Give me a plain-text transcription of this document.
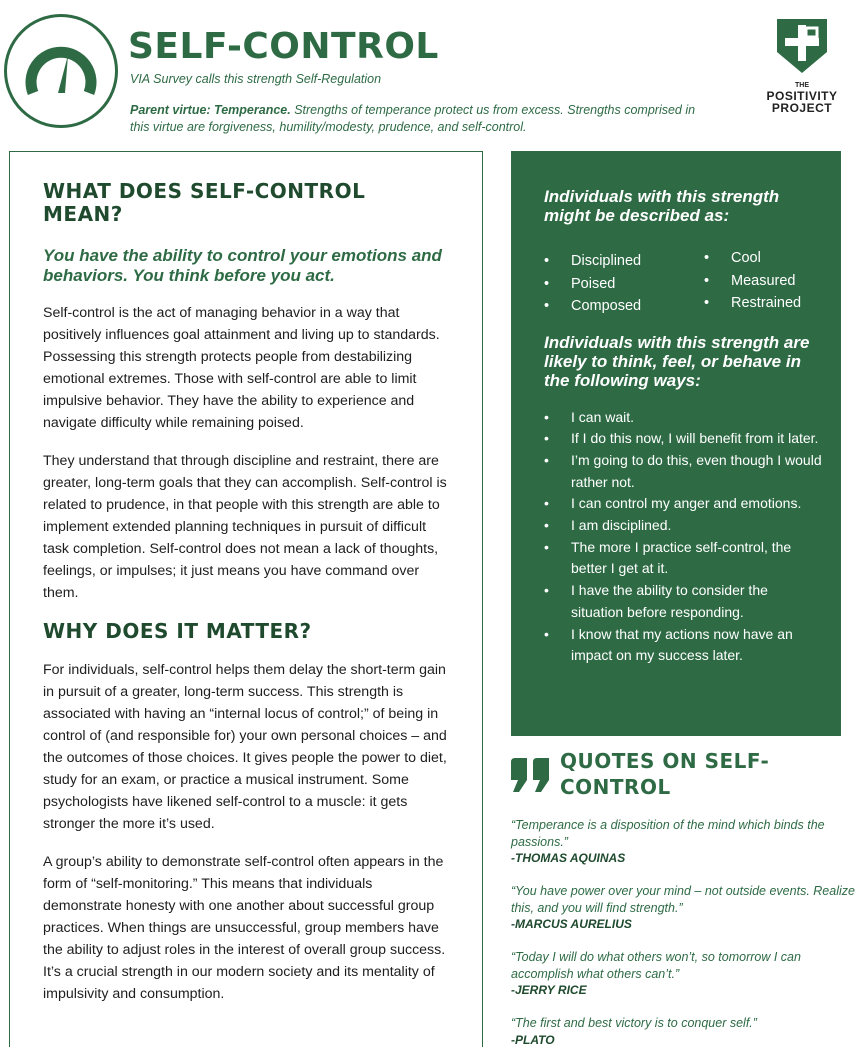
SELF-CONTROL
VIA Survey calls this strength Self-Regulation
Parent virtue: Temperance. Strengths of temperance protect us from excess. Strengths comprised in this virtue are forgiveness, humility/modesty, prudence, and self-control.
THE
POSITIVITY
PROJECT
WHAT DOES SELF-CONTROL MEAN?
You have the ability to control your emotions and behaviors. You think before you act.
Self-control is the act of managing behavior in a way that positively influences goal attainment and living up to standards. Possessing this strength protects people from destabilizing emotional extremes. Those with self-control are able to limit impulsive behavior. They have the ability to experience and navigate difficulty while remaining poised.
They understand that through discipline and restraint, there are greater, long-term goals that they can accomplish. Self-control is related to prudence, in that people with this strength are able to implement extended planning techniques in pursuit of difficult task completion. Self-control does not mean a lack of thoughts, feelings, or impulses; it just means you have command over them.
WHY DOES IT MATTER?
For individuals, self-control helps them delay the short-term gain in pursuit of a greater, long-term success. This strength is associated with having an “internal locus of control;” of being in control of (and responsible for) your own personal choices – and the outcomes of those choices. It gives people the power to diet, study for an exam, or practice a musical instrument. Some psychologists have likened self-control to a muscle: it gets stronger the more it’s used.
A group’s ability to demonstrate self-control often appears in the form of “self-monitoring.” This means that individuals demonstrate honesty with one another about successful group practices. When things are unsuccessful, group members have the ability to adjust roles in the interest of overall group success. It’s a crucial strength in our modern society and its mentality of impulsivity and consumption.
Individuals with this strength might be described as:
• Disciplined
• Poised
• Composed
• Cool
• Measured
• Restrained
Individuals with this strength are likely to think, feel, or behave in the following ways:
• I can wait.
• If I do this now, I will benefit from it later.
• I’m going to do this, even though I would rather not.
• I can control my anger and emotions.
• I am disciplined.
• The more I practice self-control, the better I get at it.
• I have the ability to consider the situation before responding.
• I know that my actions now have an impact on my success later.
QUOTES ON SELF-
CONTROL
“Temperance is a disposition of the mind which binds the passions.”
-THOMAS AQUINAS
“You have power over your mind – not outside events. Realize this, and you will find strength.”
-MARCUS AURELIUS
“Today I will do what others won’t, so tomorrow I can accomplish what others can’t.”
-JERRY RICE
“The first and best victory is to conquer self.”
-PLATO
